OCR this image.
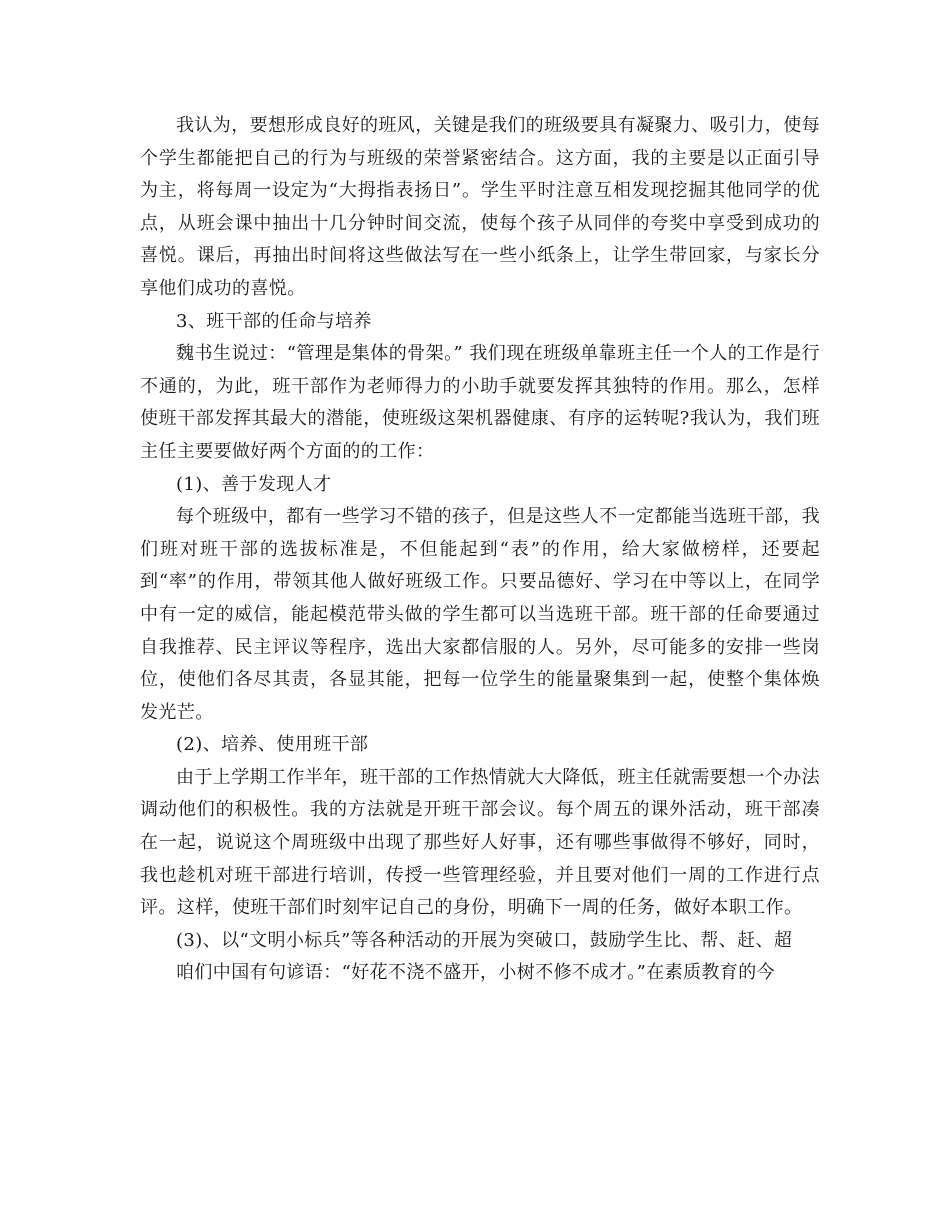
我认为，要想形成良好的班风，关键是我们的班级要具有凝聚力、吸引力，使每个学生都能把自己的行为与班级的荣誉紧密结合。这方面，我的主要是以正面引导为主，将每周一设定为“大拇指表扬日”。学生平时注意互相发现挖掘其他同学的优点，从班会课中抽出十几分钟时间交流，使每个孩子从同伴的夸奖中享受到成功的喜悦。课后，再抽出时间将这些做法写在一些小纸条上，让学生带回家，与家长分享他们成功的喜悦。

3、班干部的任命与培养

魏书生说过：“管理是集体的骨架。” 我们现在班级单靠班主任一个人的工作是行不通的，为此，班干部作为老师得力的小助手就要发挥其独特的作用。那么，怎样使班干部发挥其最大的潜能，使班级这架机器健康、有序的运转呢?我认为，我们班主任主要要做好两个方面的的工作：

(1)、善于发现人才

每个班级中，都有一些学习不错的孩子，但是这些人不一定都能当选班干部，我们班对班干部的选拔标准是，不但能起到“表”的作用，给大家做榜样，还要起到“率”的作用，带领其他人做好班级工作。只要品德好、学习在中等以上，在同学中有一定的威信，能起模范带头做的学生都可以当选班干部。班干部的任命要通过自我推荐、民主评议等程序，选出大家都信服的人。另外，尽可能多的安排一些岗位，使他们各尽其责，各显其能，把每一位学生的能量聚集到一起，使整个集体焕发光芒。

(2)、培养、使用班干部

由于上学期工作半年，班干部的工作热情就大大降低，班主任就需要想一个办法调动他们的积极性。我的方法就是开班干部会议。每个周五的课外活动，班干部凑在一起，说说这个周班级中出现了那些好人好事，还有哪些事做得不够好，同时，我也趁机对班干部进行培训，传授一些管理经验，并且要对他们一周的工作进行点评。这样，使班干部们时刻牢记自己的身份，明确下一周的任务，做好本职工作。

(3)、以“文明小标兵”等各种活动的开展为突破口，鼓励学生比、帮、赶、超

咱们中国有句谚语：“好花不浇不盛开，小树不修不成才。”在素质教育的今
